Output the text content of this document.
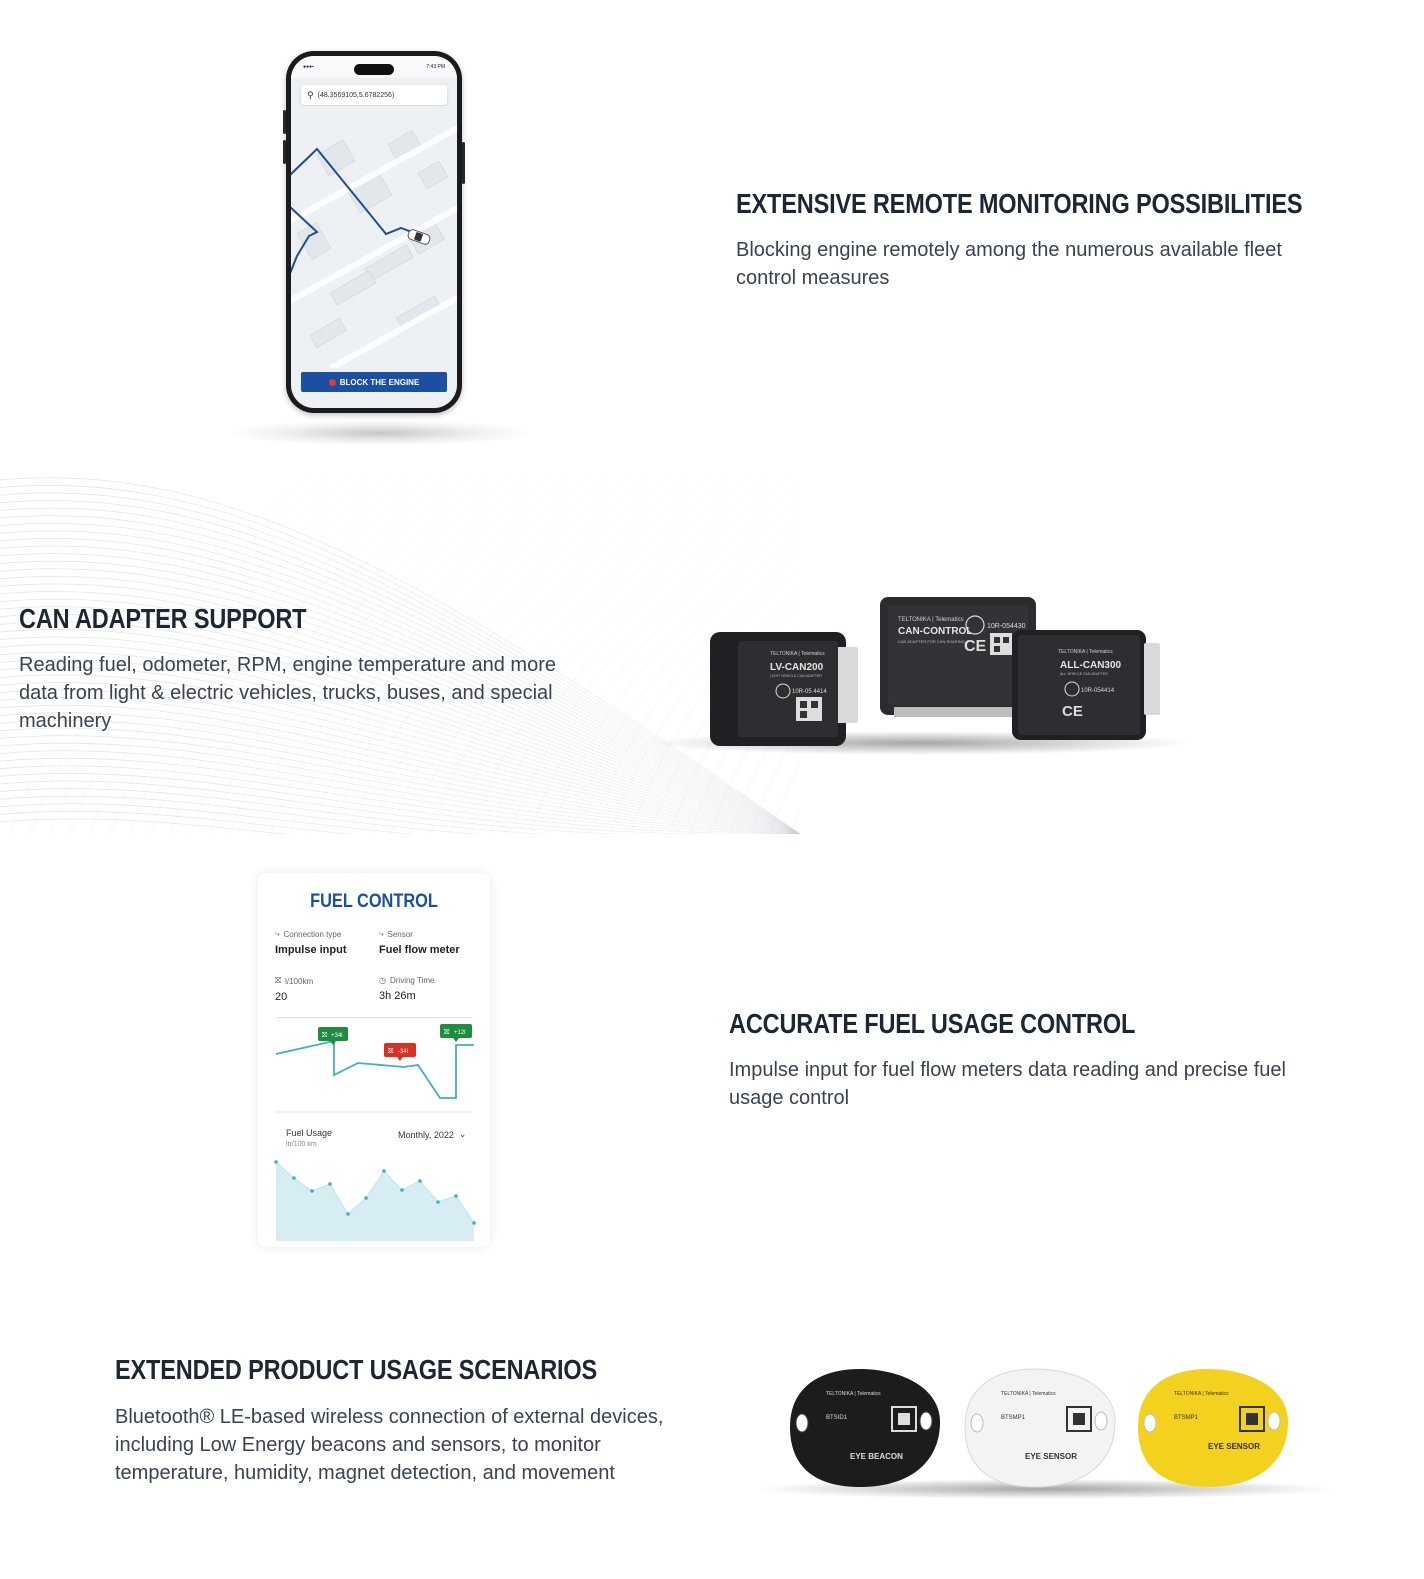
●●●▪	7:43 PM
⚲ (48.3569105,5.6782256)
BLOCK THE ENGINE
EXTENSIVE REMOTE MONITORING POSSIBILITIES
Blocking engine remotely among the numerous available fleet control measures
TELTONIKA | Telematics
CAN-CONTROL
CAN ADAPTER FOR CAN SHARING
10R-054430
CE
TELTONIKA | Telematics
LV-CAN200
LIGHT VEHICLE CAN ADAPTER
10R-05 4414
TELTONIKA | Telematics
ALL-CAN300
ALL VEHICLE CAN ADAPTER
10R-054414
CE
CAN ADAPTER SUPPORT
Reading fuel, odometer, RPM, engine temperature and more data from light & electric vehicles, trucks, buses, and special machinery
FUEL CONTROL
⤷ Connection type
Impulse input
⤷ Sensor
Fuel flow meter
⛝ l/100km
20
◷ Driving Time
3h 26m
⛝ +34l
⛝ -34l
⛝ +12l
Fuel Usage
ltr/100 km
Monthly, 2022 ⌄
ACCURATE FUEL USAGE CONTROL
Impulse input for fuel flow meters data reading and precise fuel usage control
EXTENDED PRODUCT USAGE SCENARIOS
Bluetooth® LE-based wireless connection of external devices, including Low Energy beacons and sensors, to monitor temperature, humidity, magnet detection, and movement
TELTONIKA | Telematics
BTSID1
EYE BEACON
TELTONIKA | Telematics
BTSMP1
EYE SENSOR
TELTONIKA | Telematics
BTSMP1
EYE SENSOR
